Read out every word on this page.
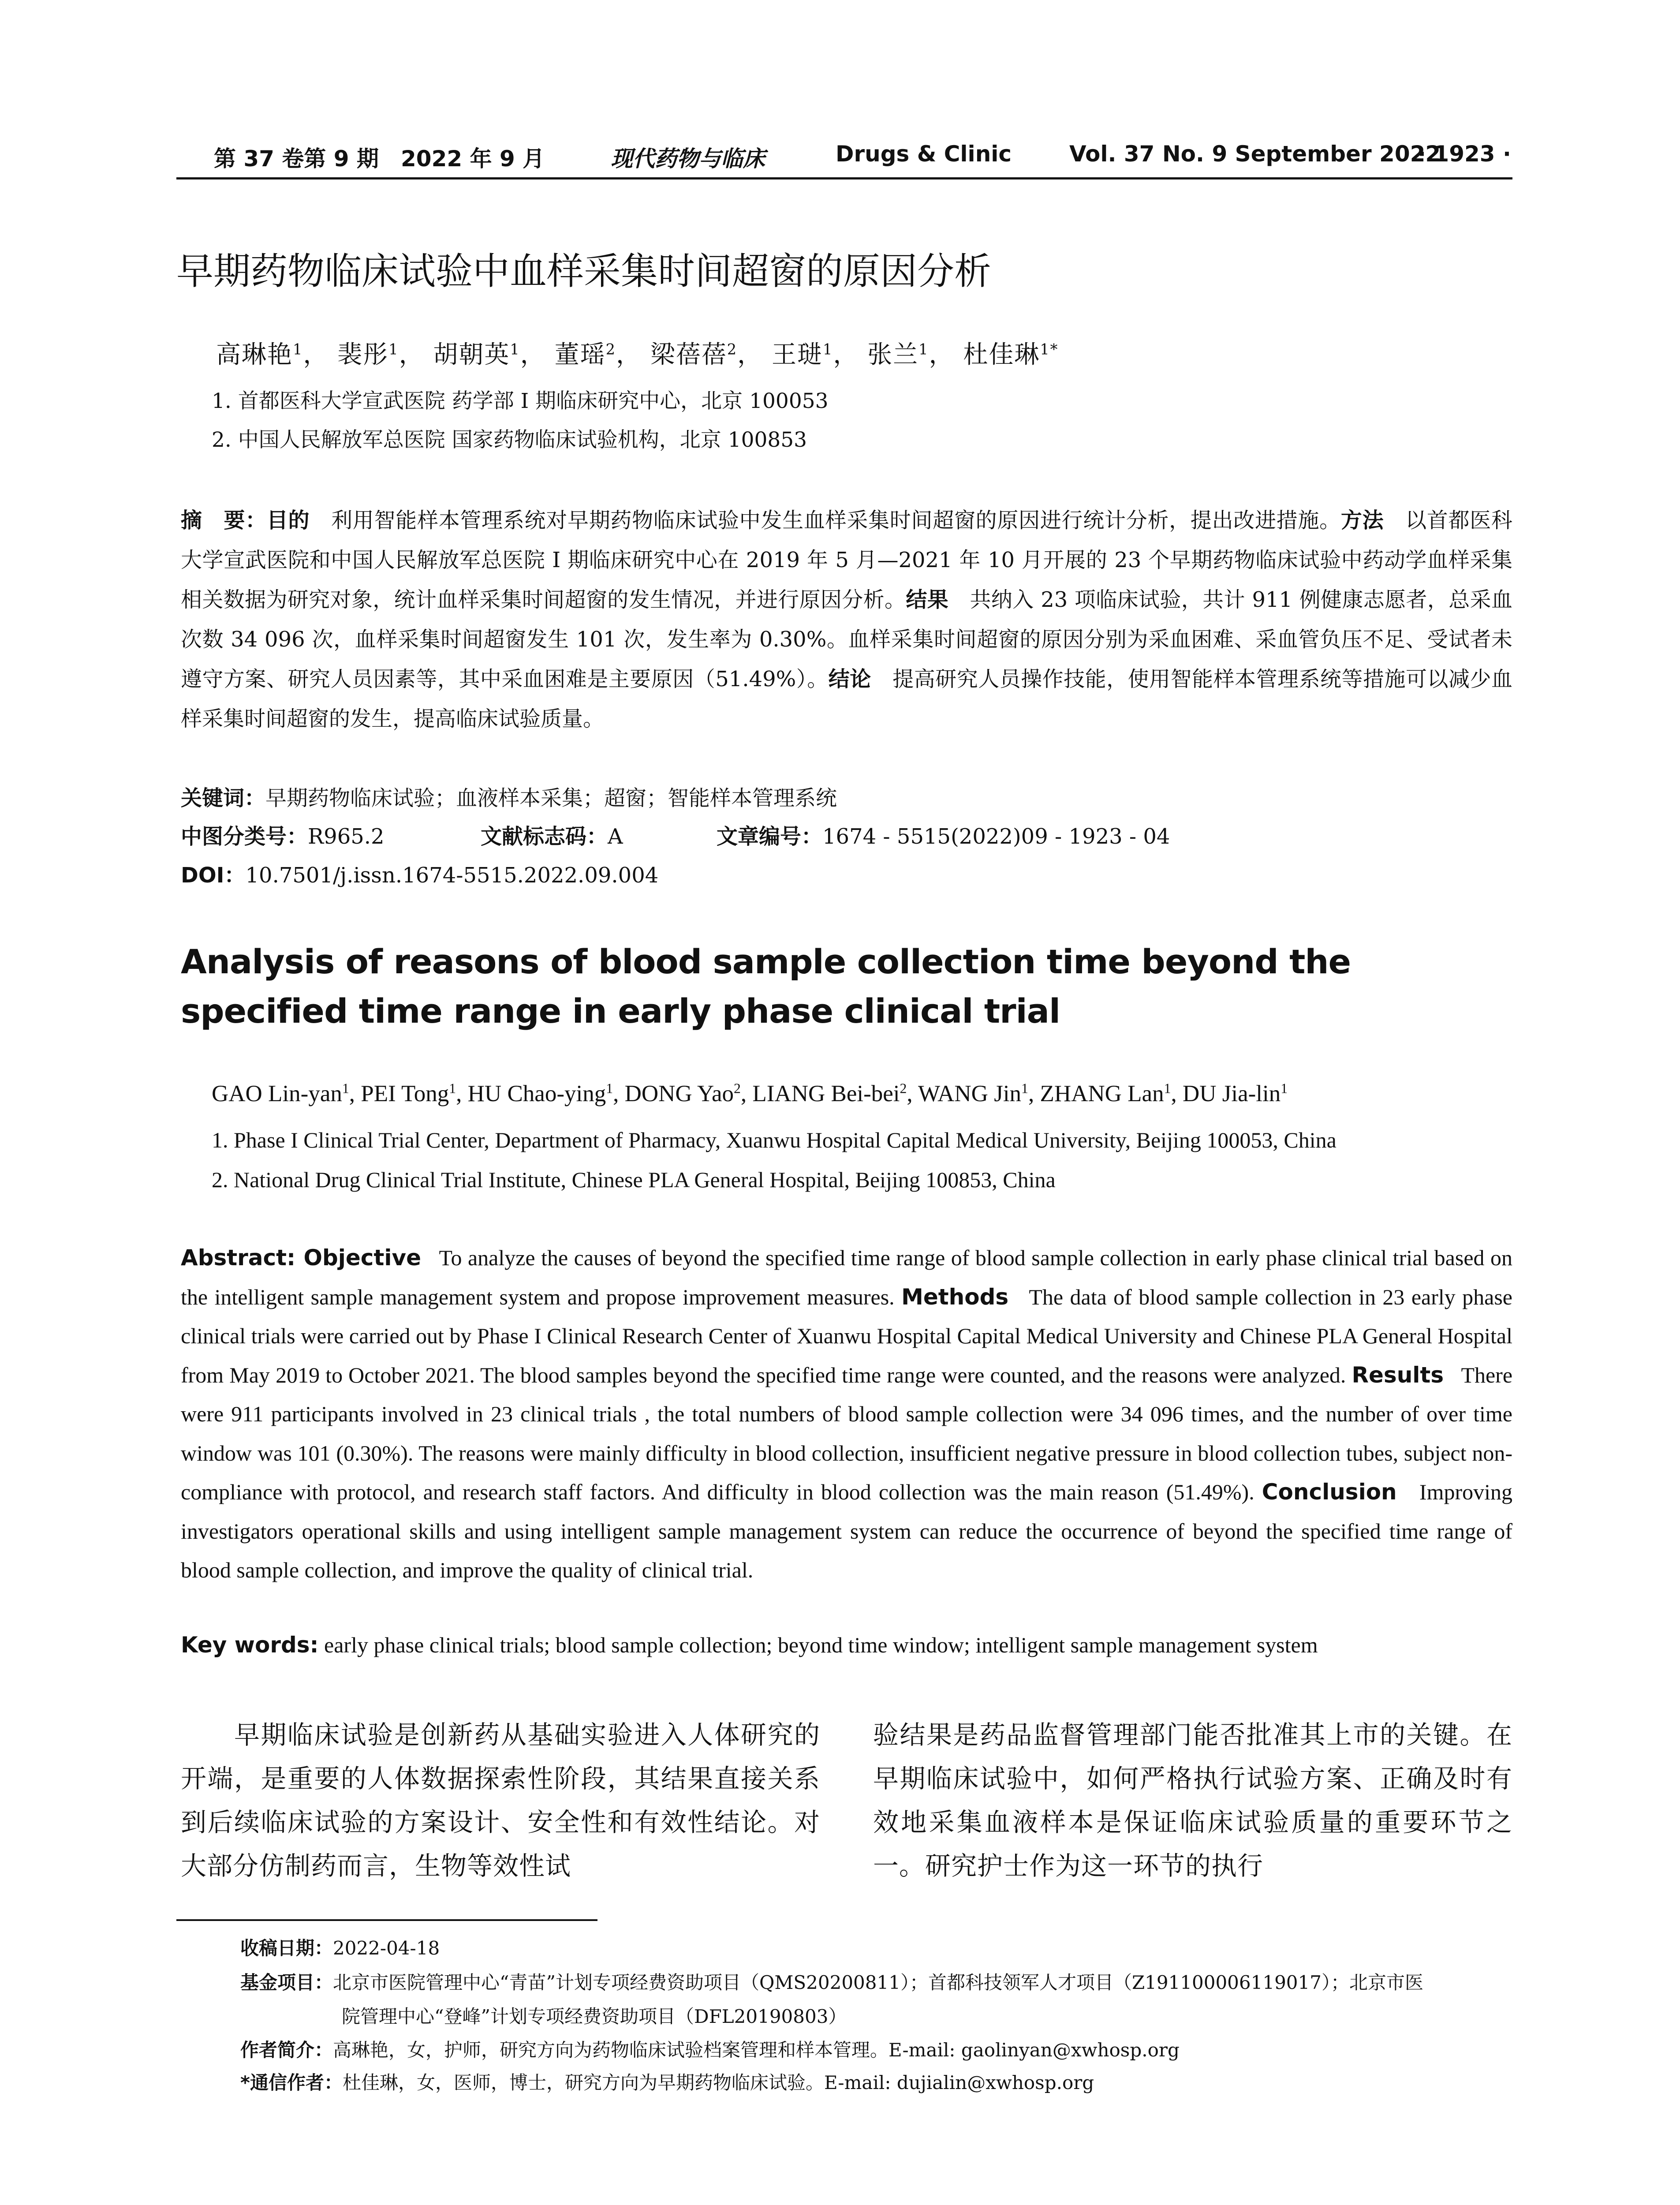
第 37 卷第 9 期　2022 年 9 月	现代药物与临床	Drugs & Clinic	Vol. 37 No. 9 September 2022
· 1923 ·
早期药物临床试验中血样采集时间超窗的原因分析
高琳艳$^1$， 裴彤$^1$， 胡朝英$^1$， 董瑶$^2$， 梁蓓蓓$^2$， 王琎$^1$， 张兰$^1$， 杜佳琳$^{1*}$
1. 首都医科大学宣武医院 药学部 I 期临床研究中心，北京 100053
2. 中国人民解放军总医院 国家药物临床试验机构，北京 100853
摘　要：目的　 利用智能样本管理系统对早期药物临床试验中发生血样采集时间超窗的原因进行统计分析，提出改进措施。方法　 以首都医科大学宣武医院和中国人民解放军总医院 I 期临床研究中心在 2019 年 5 月—2021 年 10 月开展的 23 个早期药物临床试验中药动学血样采集相关数据为研究对象，统计血样采集时间超窗的发生情况，并进行原因分析。结果　 共纳入 23 项临床试验，共计 911 例健康志愿者，总采血次数 34 096 次，血样采集时间超窗发生 101 次，发生率为 0.30%。血样采集时间超窗的原因分别为采血困难、采血管负压不足、受试者未遵守方案、研究人员因素等，其中采血困难是主要原因（51.49%）。结论　 提高研究人员操作技能，使用智能样本管理系统等措施可以减少血样采集时间超窗的发生，提高临床试验质量。
关键词：早期药物临床试验；血液样本采集；超窗；智能样本管理系统
中图分类号：R965.2	文献标志码：A	文章编号：1674 - 5515(2022)09 - 1923 - 04
DOI：10.7501/j.issn.1674-5515.2022.09.004
Analysis of reasons of blood sample collection time beyond the specified time range in early phase clinical trial
GAO Lin-yan$^1$, PEI Tong$^1$, HU Chao-ying$^1$, DONG Yao$^2$, LIANG Bei-bei$^2$, WANG Jin$^1$, ZHANG Lan$^1$, DU Jia-lin$^1$
1. Phase I Clinical Trial Center, Department of Pharmacy, Xuanwu Hospital Capital Medical University, Beijing 100053, China
2. National Drug Clinical Trial Institute, Chinese PLA General Hospital, Beijing 100853, China
Abstract: Objective To analyze the causes of beyond the specified time range of blood sample collection in early phase clinical trial based on the intelligent sample management system and propose improvement measures. Methods The data of blood sample collection in 23 early phase clinical trials were carried out by Phase I Clinical Research Center of Xuanwu Hospital Capital Medical University and Chinese PLA General Hospital from May 2019 to October 2021. The blood samples beyond the specified time range were counted, and the reasons were analyzed. Results There were 911 participants involved in 23 clinical trials , the total numbers of blood sample collection were 34 096 times, and the number of over time window was 101 (0.30%). The reasons were mainly difficulty in blood collection, insufficient negative pressure in blood collection tubes, subject non-compliance with protocol, and research staff factors. And difficulty in blood collection was the main reason (51.49%). Conclusion Improving investigators operational skills and using intelligent sample management system can reduce the occurrence of beyond the specified time range of blood sample collection, and improve the quality of clinical trial.
Key words: early phase clinical trials; blood sample collection; beyond time window; intelligent sample management system
　　早期临床试验是创新药从基础实验进入人体研究的开端，是重要的人体数据探索性阶段，其结果直接关系到后续临床试验的方案设计、安全性和有效性结论。对大部分仿制药而言，生物等效性试
验结果是药品监督管理部门能否批准其上市的关键。在早期临床试验中，如何严格执行试验方案、正确及时有效地采集血液样本是保证临床试验质量的重要环节之一。研究护士作为这一环节的执行
收稿日期：2022-04-18
基金项目：北京市医院管理中心“青苗”计划专项经费资助项目（QMS20200811）；首都科技领军人才项目（Z191100006119017）；北京市医
院管理中心“登峰”计划专项经费资助项目（DFL20190803）
作者简介：高琳艳，女，护师，研究方向为药物临床试验档案管理和样本管理。E-mail: gaolinyan@xwhosp.org
*通信作者：杜佳琳，女，医师，博士，研究方向为早期药物临床试验。E-mail: dujialin@xwhosp.org
